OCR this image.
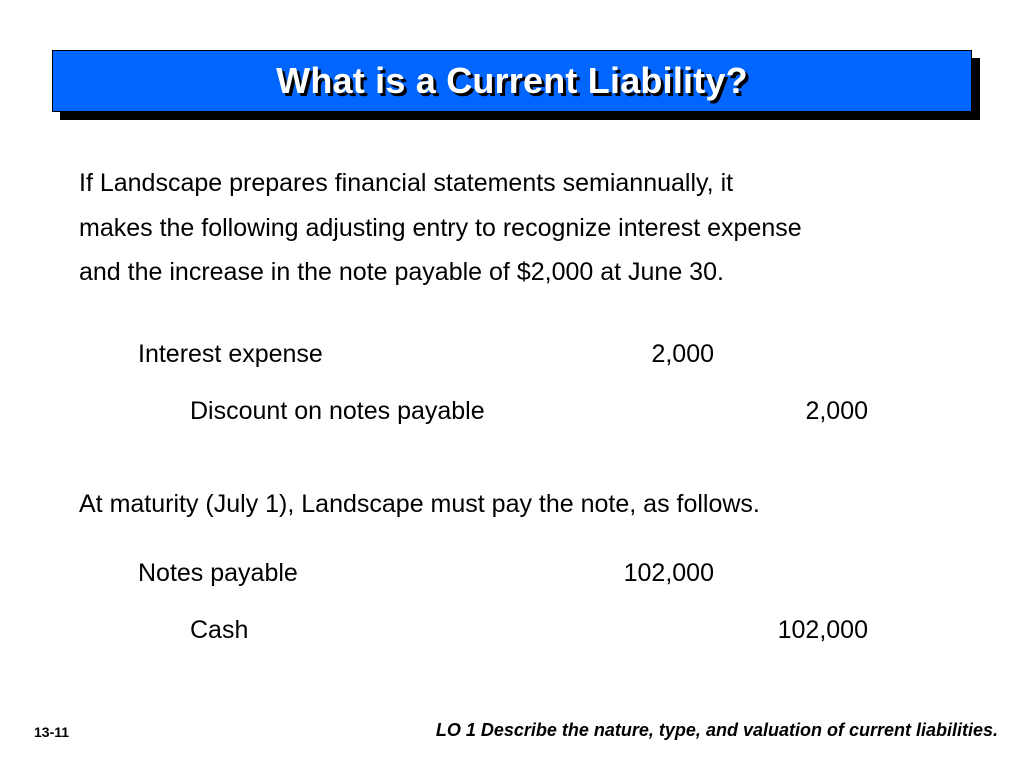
What is a Current Liability?
If Landscape prepares financial statements semiannually, it
makes the following adjusting entry to recognize interest expense
and the increase in the note payable of $2,000 at June 30.
Interest expense	2,000
Discount on notes payable	2,000
At maturity (July 1), Landscape must pay the note, as follows.
Notes payable	102,000
Cash	102,000
13-11	LO 1 Describe the nature, type, and valuation of current liabilities.
